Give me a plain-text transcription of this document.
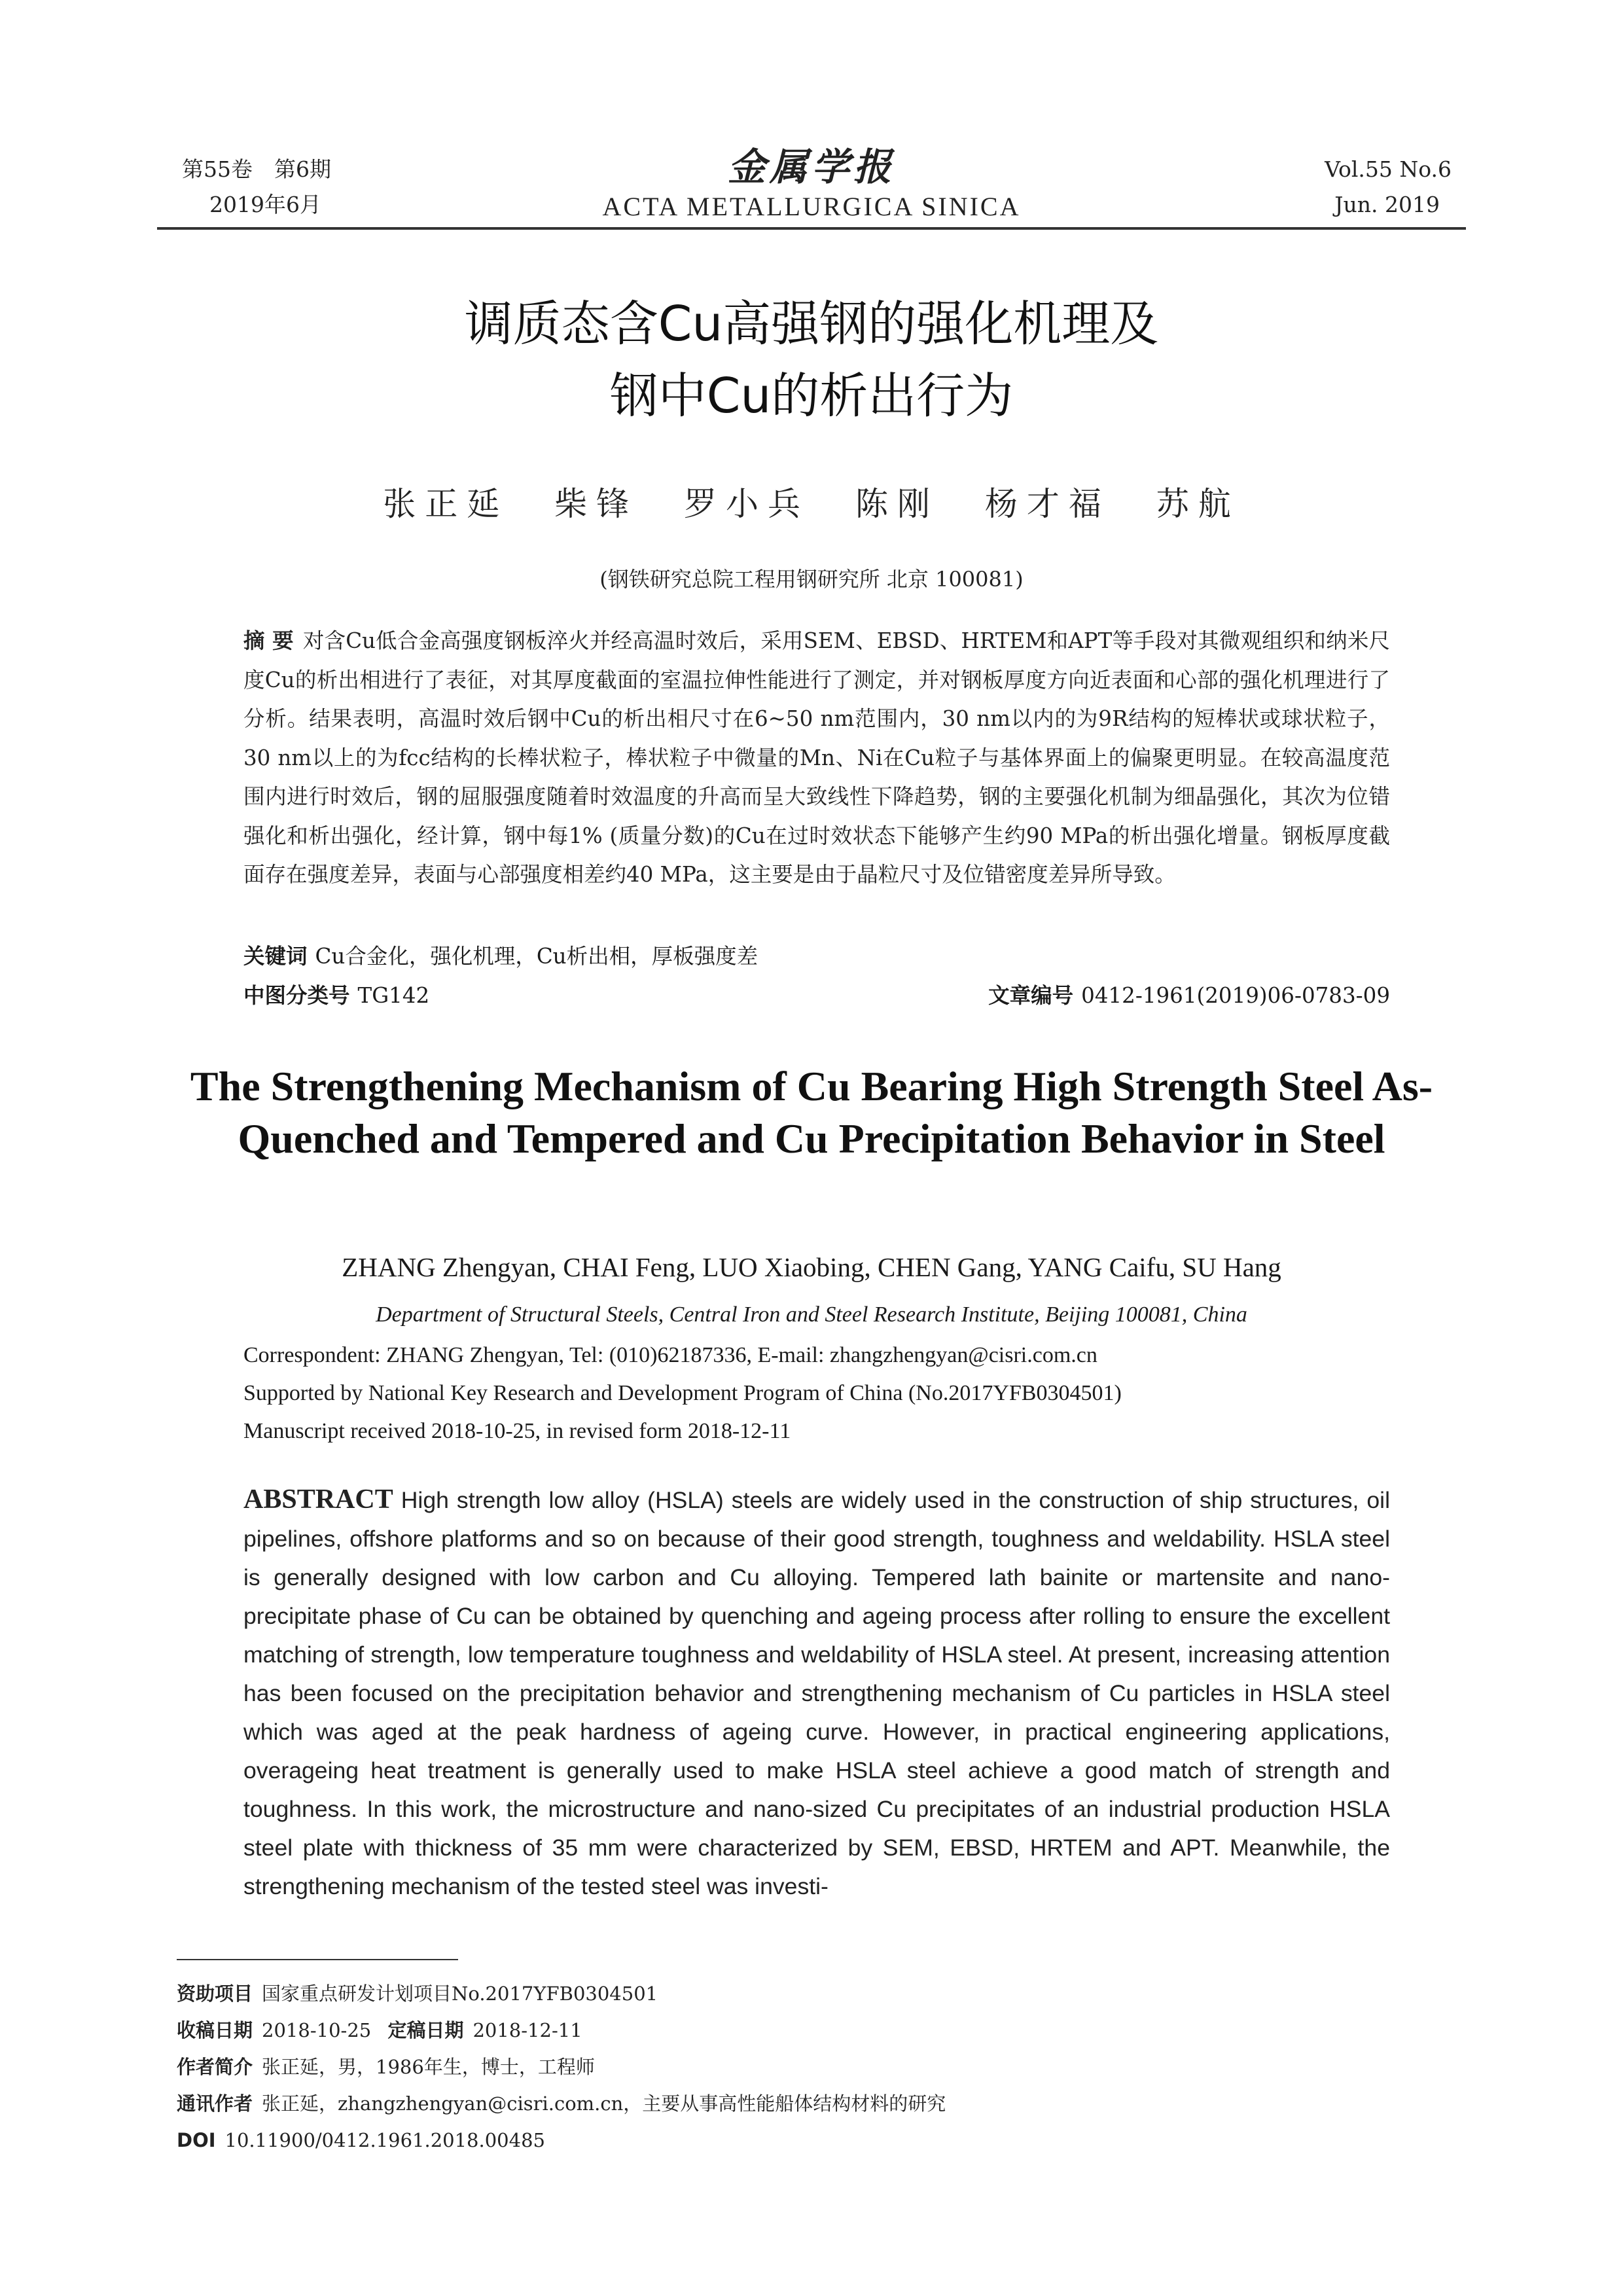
第55卷　第6期
2019年6月
金属学报
ACTA METALLURGICA SINICA
Vol.55 No.6
Jun. 2019
调质态含Cu高强钢的强化机理及
钢中Cu的析出行为
张正延 柴锋 罗小兵 陈刚 杨才福 苏航
(钢铁研究总院工程用钢研究所 北京 100081)
摘 要 对含Cu低合金高强度钢板淬火并经高温时效后，采用SEM、EBSD、HRTEM和APT等手段对其微观组织和纳米尺度Cu的析出相进行了表征，对其厚度截面的室温拉伸性能进行了测定，并对钢板厚度方向近表面和心部的强化机理进行了分析。结果表明，高温时效后钢中Cu的析出相尺寸在6~50 nm范围内，30 nm以内的为9R结构的短棒状或球状粒子，30 nm以上的为fcc结构的长棒状粒子，棒状粒子中微量的Mn、Ni在Cu粒子与基体界面上的偏聚更明显。在较高温度范围内进行时效后，钢的屈服强度随着时效温度的升高而呈大致线性下降趋势，钢的主要强化机制为细晶强化，其次为位错强化和析出强化，经计算，钢中每1% (质量分数)的Cu在过时效状态下能够产生约90 MPa的析出强化增量。钢板厚度截面存在强度差异，表面与心部强度相差约40 MPa，这主要是由于晶粒尺寸及位错密度差异所导致。
关键词 Cu合金化，强化机理，Cu析出相，厚板强度差
中图分类号 TG142	文章编号 0412-1961(2019)06-0783-09
The Strengthening Mechanism of Cu Bearing High Strength Steel As-Quenched and Tempered and Cu Precipitation Behavior in Steel
ZHANG Zhengyan, CHAI Feng, LUO Xiaobing, CHEN Gang, YANG Caifu, SU Hang
Department of Structural Steels, Central Iron and Steel Research Institute, Beijing 100081, China
Correspondent: ZHANG Zhengyan, Tel: (010)62187336, E-mail: zhangzhengyan@cisri.com.cn
Supported by National Key Research and Development Program of China (No.2017YFB0304501)
Manuscript received 2018-10-25, in revised form 2018-12-11
ABSTRACT High strength low alloy (HSLA) steels are widely used in the construction of ship structures, oil pipelines, offshore platforms and so on because of their good strength, toughness and weldability. HSLA steel is generally designed with low carbon and Cu alloying. Tempered lath bainite or martensite and nano-precipitate phase of Cu can be obtained by quenching and ageing process after rolling to ensure the excellent matching of strength, low temperature toughness and weldability of HSLA steel. At present, increasing attention has been focused on the precipitation behavior and strengthening mechanism of Cu particles in HSLA steel which was aged at the peak hardness of ageing curve. However, in practical engineering applications, overageing heat treatment is generally used to make HSLA steel achieve a good match of strength and toughness. In this work, the microstructure and nano-sized Cu precipitates of an industrial production HSLA steel plate with thickness of 35 mm were characterized by SEM, EBSD, HRTEM and APT. Meanwhile, the strengthening mechanism of the tested steel was investi-
资助项目 国家重点研发计划项目No.2017YFB0304501
收稿日期 2018-10-25 定稿日期 2018-12-11
作者简介 张正延，男，1986年生，博士，工程师
通讯作者 张正延，zhangzhengyan@cisri.com.cn，主要从事高性能船体结构材料的研究
DOI 10.11900/0412.1961.2018.00485
